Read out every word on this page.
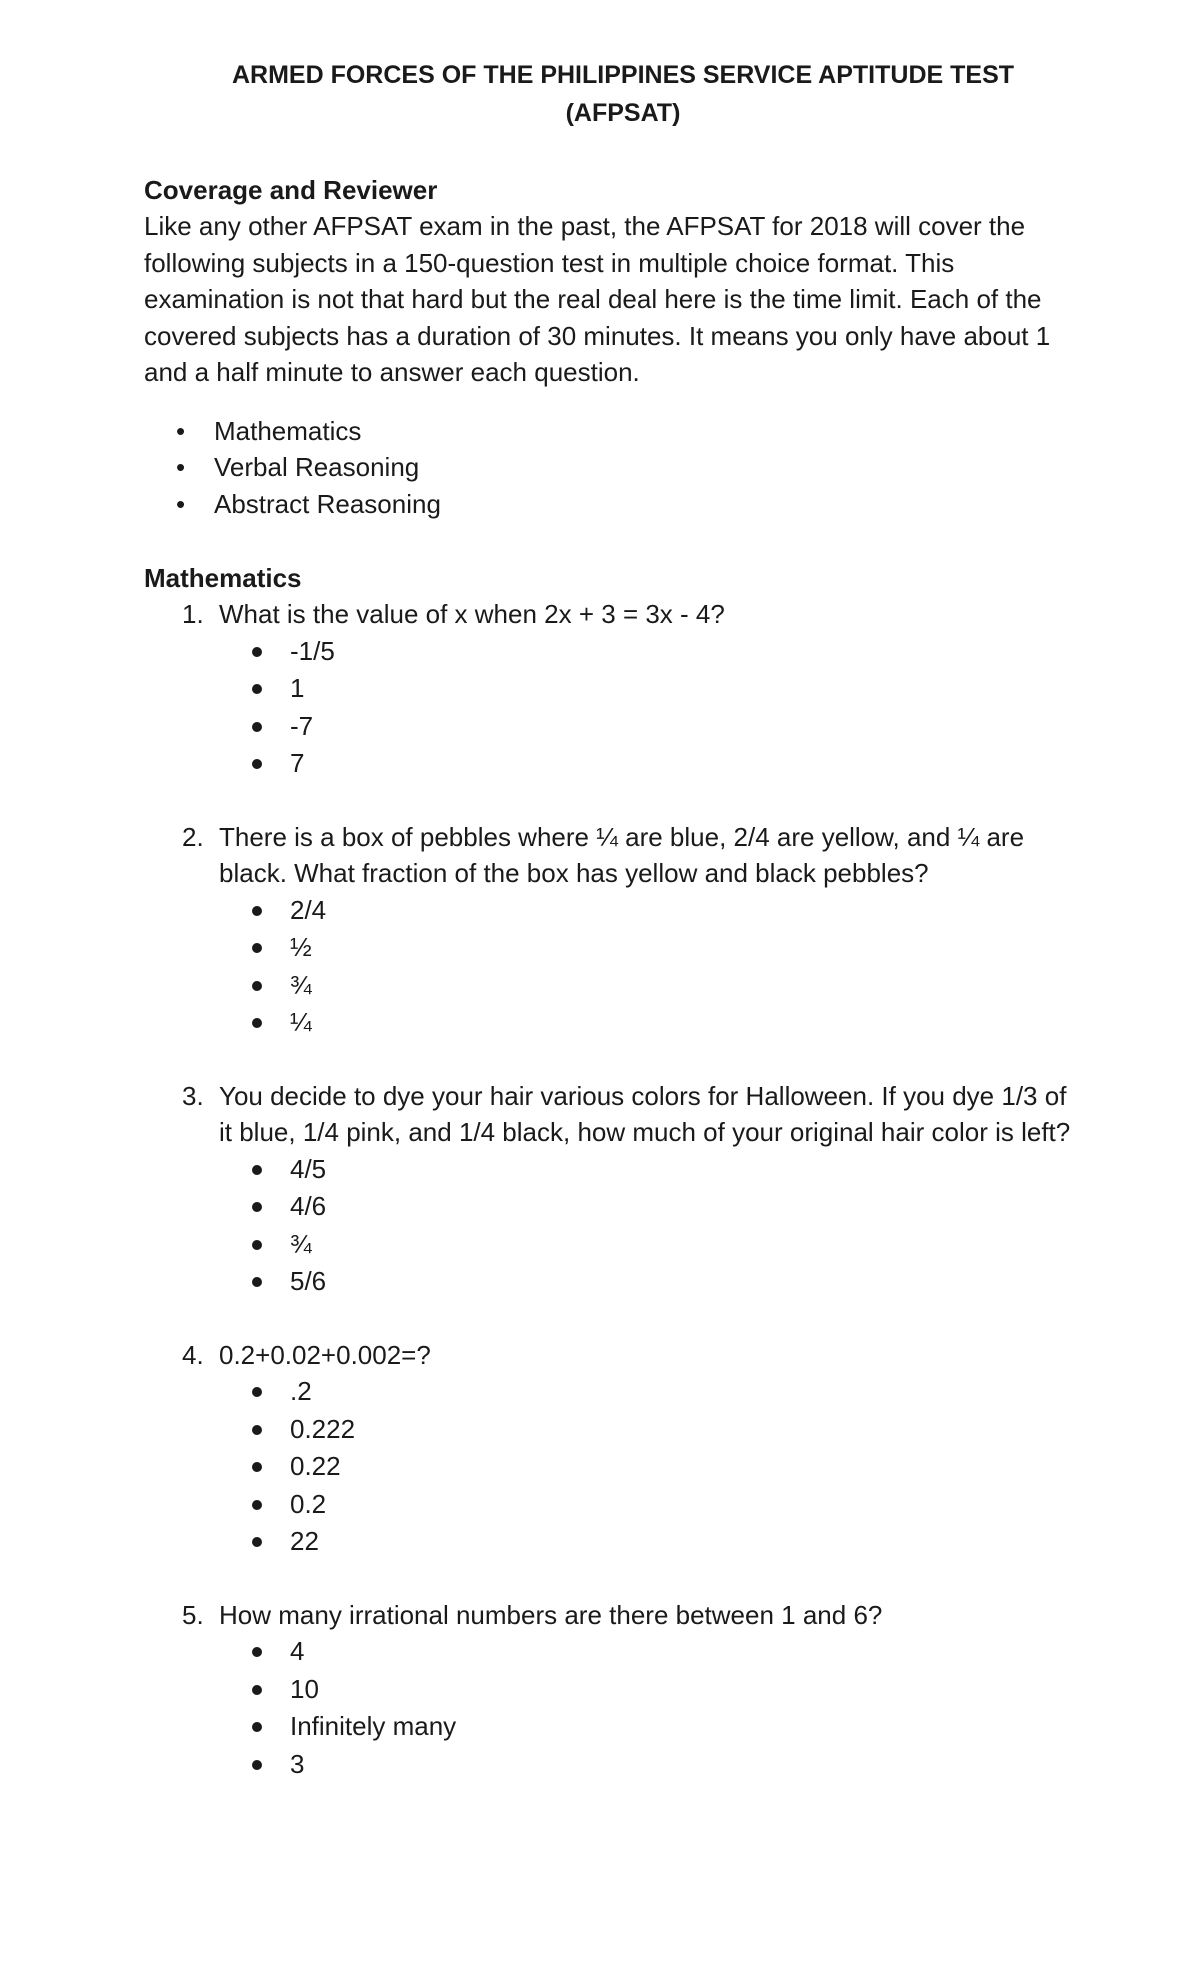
ARMED FORCES OF THE PHILIPPINES SERVICE APTITUDE TEST
(AFPSAT)
Coverage and Reviewer

Like any other AFPSAT exam in the past, the AFPSAT for 2018 will cover the following subjects in a 150-question test in multiple choice format. This examination is not that hard but the real deal here is the time limit. Each of the covered subjects has a duration of 30 minutes. It means you only have about 1 and a half minute to answer each question.

• Mathematics
• Verbal Reasoning
• Abstract Reasoning
Mathematics
1. What is the value of x when 2x + 3 = 3x - 4?
-1/5
1
-7
7
2. There is a box of pebbles where ¼ are blue, 2/4 are yellow, and ¼ are black. What fraction of the box has yellow and black pebbles?
2/4
½
¾
¼
3. You decide to dye your hair various colors for Halloween. If you dye 1/3 of it blue, 1/4 pink, and 1/4 black, how much of your original hair color is left?
4/5
4/6
¾
5/6
4. 0.2+0.02+0.002=?
.2
0.222
0.22
0.2
22
5. How many irrational numbers are there between 1 and 6?
4
10
Infinitely many
3
